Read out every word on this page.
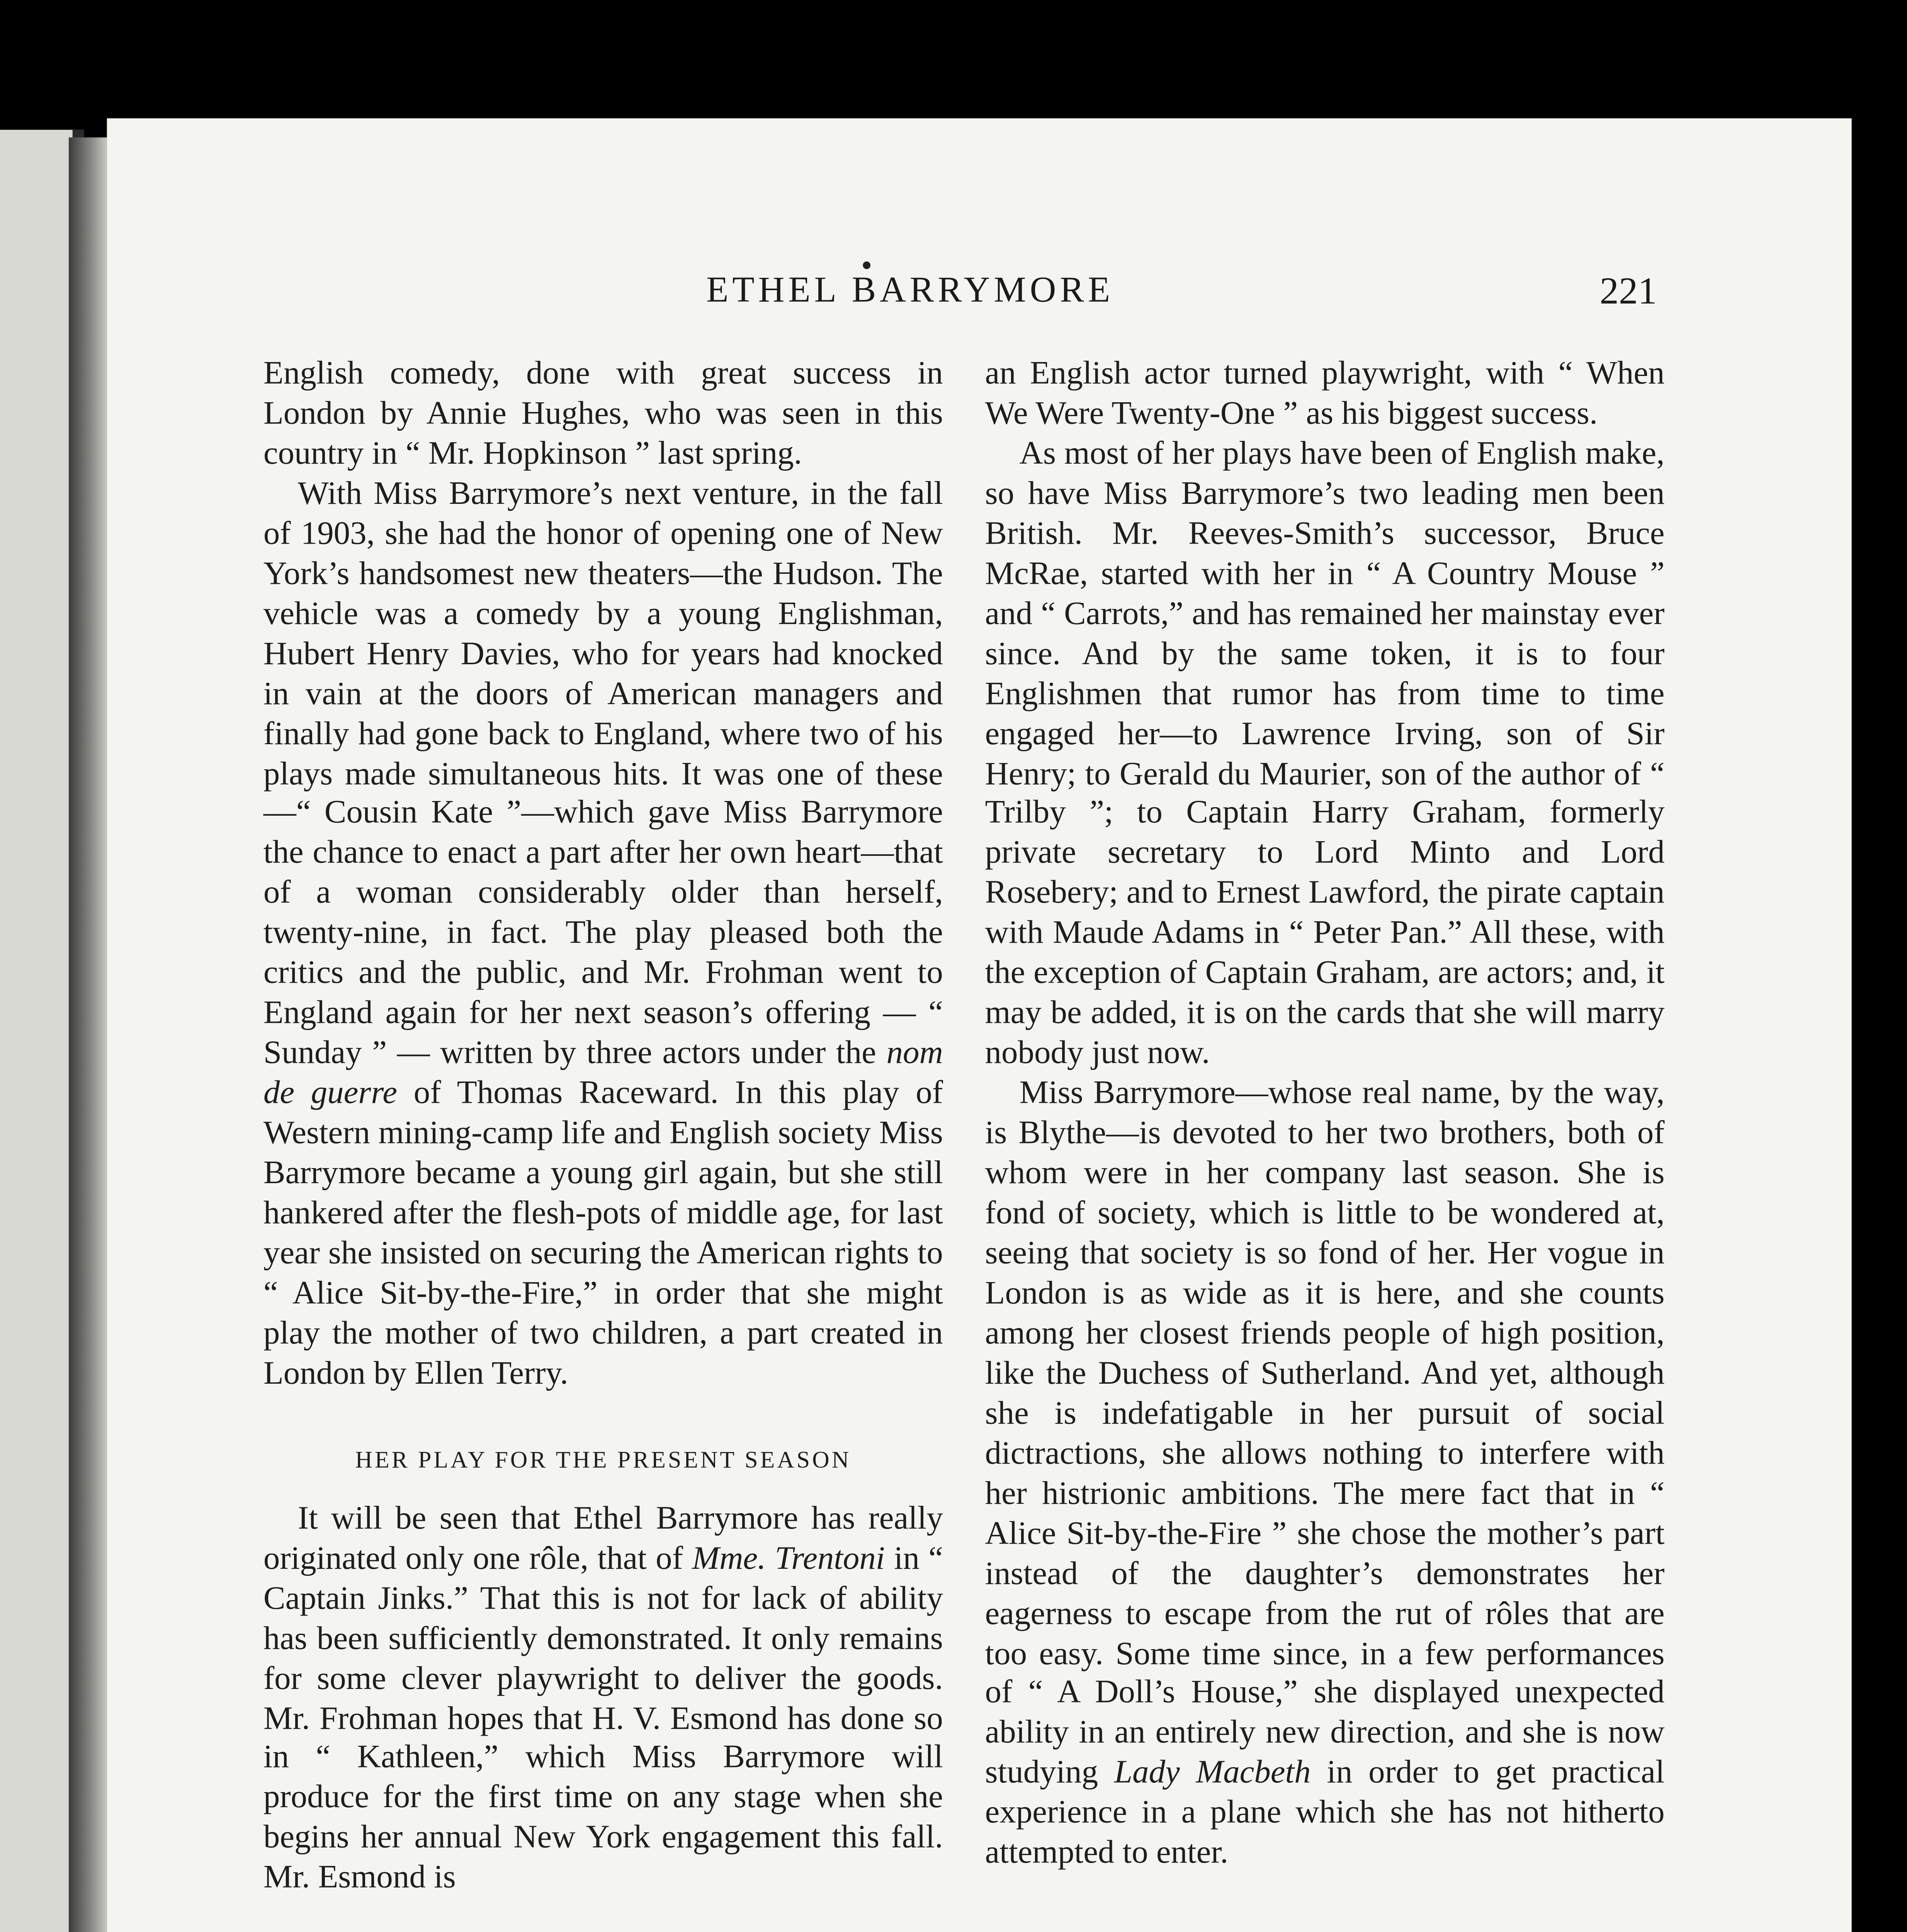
ETHEL BARRYMORE	221

English comedy, done with great success in London by Annie Hughes, who was seen in this country in “ Mr. Hopkinson ” last spring.

With Miss Barrymore’s next venture, in the fall of 1903, she had the honor of opening one of New York’s handsomest new theaters—the Hudson. The vehicle was a comedy by a young Englishman, Hubert Henry Davies, who for years had knocked in vain at the doors of American managers and finally had gone back to England, where two of his plays made simultaneous hits. It was one of these—“ Cousin Kate ”—which gave Miss Barrymore the chance to enact a part after her own heart—that of a woman considerably older than herself, twenty-nine, in fact. The play pleased both the critics and the public, and Mr. Frohman went to England again for her next season’s offering — “ Sunday ” — written by three actors under the nom de guerre of Thomas Raceward. In this play of Western mining-camp life and English society Miss Barrymore became a young girl again, but she still hankered after the flesh-pots of middle age, for last year she insisted on securing the American rights to “ Alice Sit-by-the-Fire,” in order that she might play the mother of two children, a part created in London by Ellen Terry.

HER PLAY FOR THE PRESENT SEASON

It will be seen that Ethel Barrymore has really originated only one rôle, that of Mme. Trentoni in “ Captain Jinks.” That this is not for lack of ability has been sufficiently demonstrated. It only remains for some clever playwright to deliver the goods. Mr. Frohman hopes that H. V. Esmond has done so in “ Kathleen,” which Miss Barrymore will produce for the first time on any stage when she begins her annual New York engagement this fall. Mr. Esmond is

an English actor turned playwright, with “ When We Were Twenty-One ” as his biggest success.

As most of her plays have been of English make, so have Miss Barrymore’s two leading men been British. Mr. Reeves-Smith’s successor, Bruce McRae, started with her in “ A Country Mouse ” and “ Carrots,” and has remained her mainstay ever since. And by the same token, it is to four Englishmen that rumor has from time to time engaged her—to Lawrence Irving, son of Sir Henry; to Gerald du Maurier, son of the author of “ Trilby ”; to Captain Harry Graham, formerly private secretary to Lord Minto and Lord Rosebery; and to Ernest Lawford, the pirate captain with Maude Adams in “ Peter Pan.” All these, with the exception of Captain Graham, are actors; and, it may be added, it is on the cards that she will marry nobody just now.

Miss Barrymore—whose real name, by the way, is Blythe—is devoted to her two brothers, both of whom were in her company last season. She is fond of society, which is little to be wondered at, seeing that society is so fond of her. Her vogue in London is as wide as it is here, and she counts among her closest friends people of high position, like the Duchess of Sutherland. And yet, although she is indefatigable in her pursuit of social dictractions, she allows nothing to interfere with her histrionic ambitions. The mere fact that in “ Alice Sit-by-the-Fire ” she chose the mother’s part instead of the daughter’s demonstrates her eagerness to escape from the rut of rôles that are too easy. Some time since, in a few performances of “ A Doll’s House,” she displayed unexpected ability in an entirely new direction, and she is now studying Lady Macbeth in order to get practical experience in a plane which she has not hitherto attempted to enter.
